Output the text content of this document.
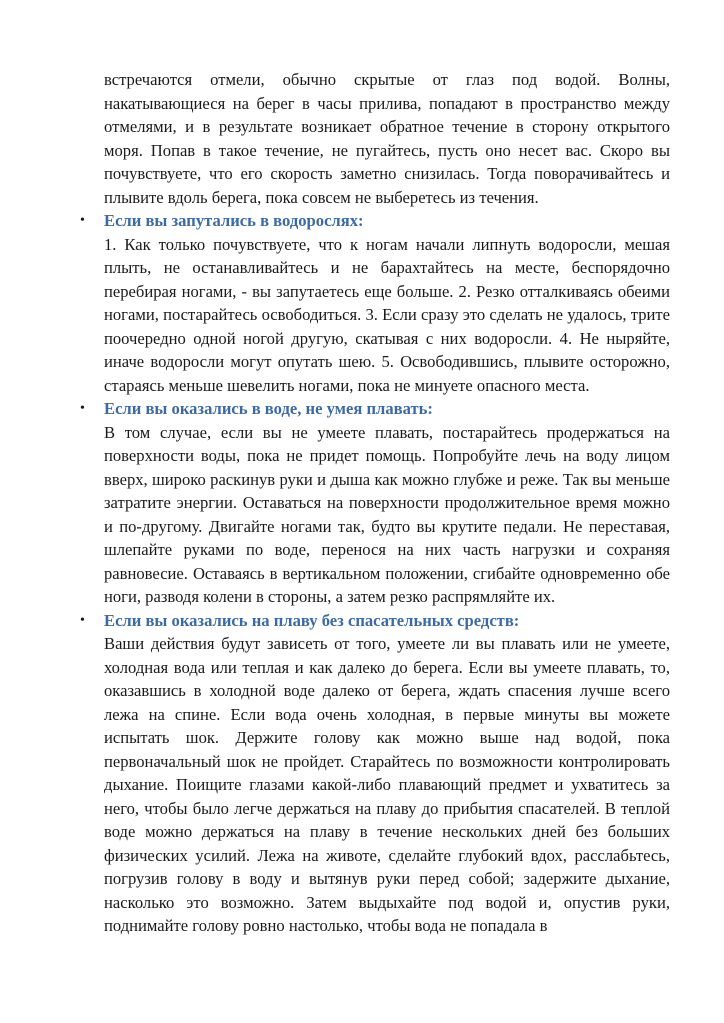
встречаются отмели, обычно скрытые от глаз под водой. Волны, накатывающиеся на берег в часы прилива, попадают в пространство между отмелями, и в результате возникает обратное течение в сторону открытого моря. Попав в такое течение, не пугайтесь, пусть оно несет вас. Скоро вы почувствуете, что его скорость заметно снизилась. Тогда поворачивайтесь и плывите вдоль берега, пока совсем не выберетесь из течения.

• Если вы запутались в водорослях:

1. Как только почувствуете, что к ногам начали липнуть водоросли, мешая плыть, не останавливайтесь и не барахтайтесь на месте, беспорядочно перебирая ногами, - вы запутаетесь еще больше. 2. Резко отталкиваясь обеими ногами, постарайтесь освободиться. 3. Если сразу это сделать не удалось, трите поочередно одной ногой другую, скатывая с них водоросли. 4. Не ныряйте, иначе водоросли могут опутать шею. 5. Освободившись, плывите осторожно, стараясь меньше шевелить ногами, пока не минуете опасного места.

• Если вы оказались в воде, не умея плавать:

В том случае, если вы не умеете плавать, постарайтесь продержаться на поверхности воды, пока не придет помощь. Попробуйте лечь на воду лицом вверх, широко раскинув руки и дыша как можно глубже и реже. Так вы меньше затратите энергии. Оставаться на поверхности продолжительное время можно и по-другому. Двигайте ногами так, будто вы крутите педали. Не переставая, шлепайте руками по воде, перенося на них часть нагрузки и сохраняя равновесие. Оставаясь в вертикальном положении, сгибайте одновременно обе ноги, разводя колени в стороны, а затем резко распрямляйте их.

• Если вы оказались на плаву без спасательных средств:

Ваши действия будут зависеть от того, умеете ли вы плавать или не умеете, холодная вода или теплая и как далеко до берега. Если вы умеете плавать, то, оказавшись в холодной воде далеко от берега, ждать спасения лучше всего лежа на спине. Если вода очень холодная, в первые минуты вы можете испытать шок. Держите голову как можно выше над водой, пока первоначальный шок не пройдет. Старайтесь по возможности контролировать дыхание. Поищите глазами какой-либо плавающий предмет и ухватитесь за него, чтобы было легче держаться на плаву до прибытия спасателей. В теплой воде можно держаться на плаву в течение нескольких дней без больших физических усилий. Лежа на животе, сделайте глубокий вдох, расслабьтесь, погрузив голову в воду и вытянув руки перед собой; задержите дыхание, насколько это возможно. Затем выдыхайте под водой и, опустив руки, поднимайте голову ровно настолько, чтобы вода не попадала в
